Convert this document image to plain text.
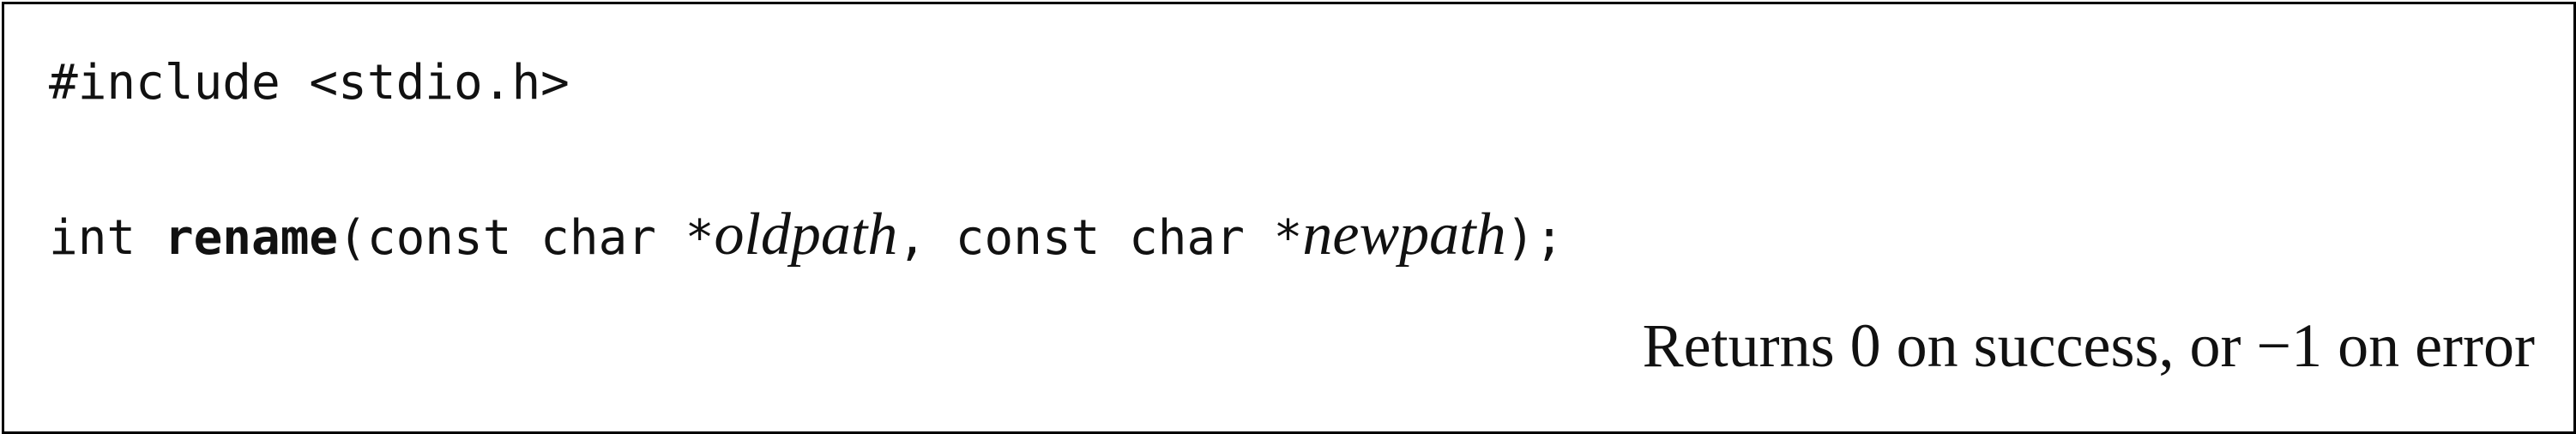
#include <stdio.h>
int rename(const char *oldpath, const char *newpath);
Returns 0 on success, or −1 on error
